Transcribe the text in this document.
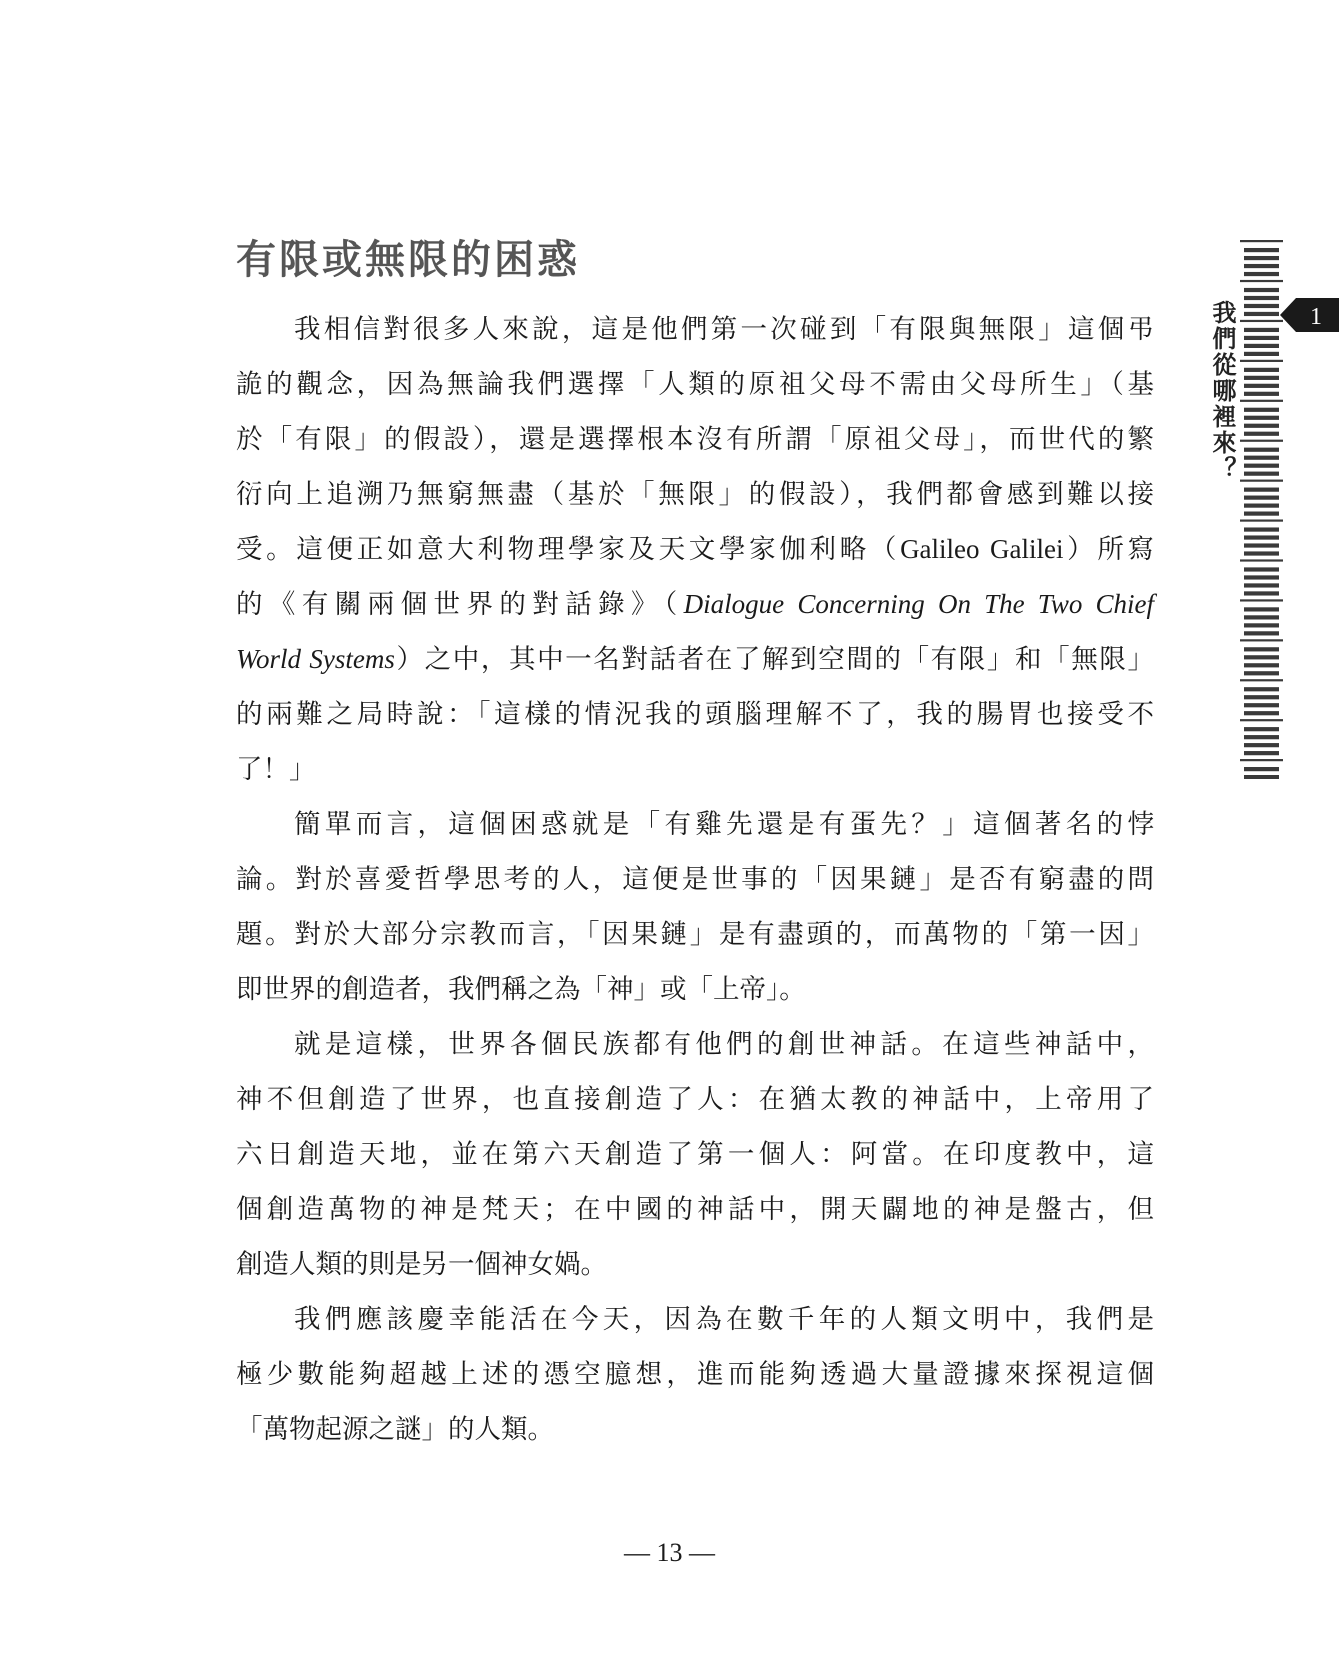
有限或無限的困惑
我相信對很多人來說，這是他們第一次碰到「有限與無限」這個弔
詭的觀念，因為無論我們選擇「人類的原祖父母不需由父母所生」（基
於「有限」的假設），還是選擇根本沒有所謂「原祖父母」，而世代的繁
衍向上追溯乃無窮無盡（基於「無限」的假設），我們都會感到難以接
受。這便正如意大利物理學家及天文學家伽利略（Galileo Galilei）所寫
的《有關兩個世界的對話錄》（Dialogue Concerning On The Two Chief
World Systems）之中，其中一名對話者在了解到空間的「有限」和「無限」
的兩難之局時說：「這樣的情況我的頭腦理解不了，我的腸胃也接受不
了！」
簡單而言，這個困惑就是「有雞先還是有蛋先？」這個著名的悖
論。對於喜愛哲學思考的人，這便是世事的「因果鏈」是否有窮盡的問
題。對於大部分宗教而言，「因果鏈」是有盡頭的，而萬物的「第一因」
即世界的創造者，我們稱之為「神」或「上帝」。
就是這樣，世界各個民族都有他們的創世神話。在這些神話中，
神不但創造了世界，也直接創造了人：在猶太教的神話中，上帝用了
六日創造天地，並在第六天創造了第一個人：阿當。在印度教中，這
個創造萬物的神是梵天；在中國的神話中，開天闢地的神是盤古，但
創造人類的則是另一個神女媧。
我們應該慶幸能活在今天，因為在數千年的人類文明中，我們是
極少數能夠超越上述的憑空臆想，進而能夠透過大量證據來探視這個
「萬物起源之謎」的人類。
我們從哪裡來？	1
— 13 —
